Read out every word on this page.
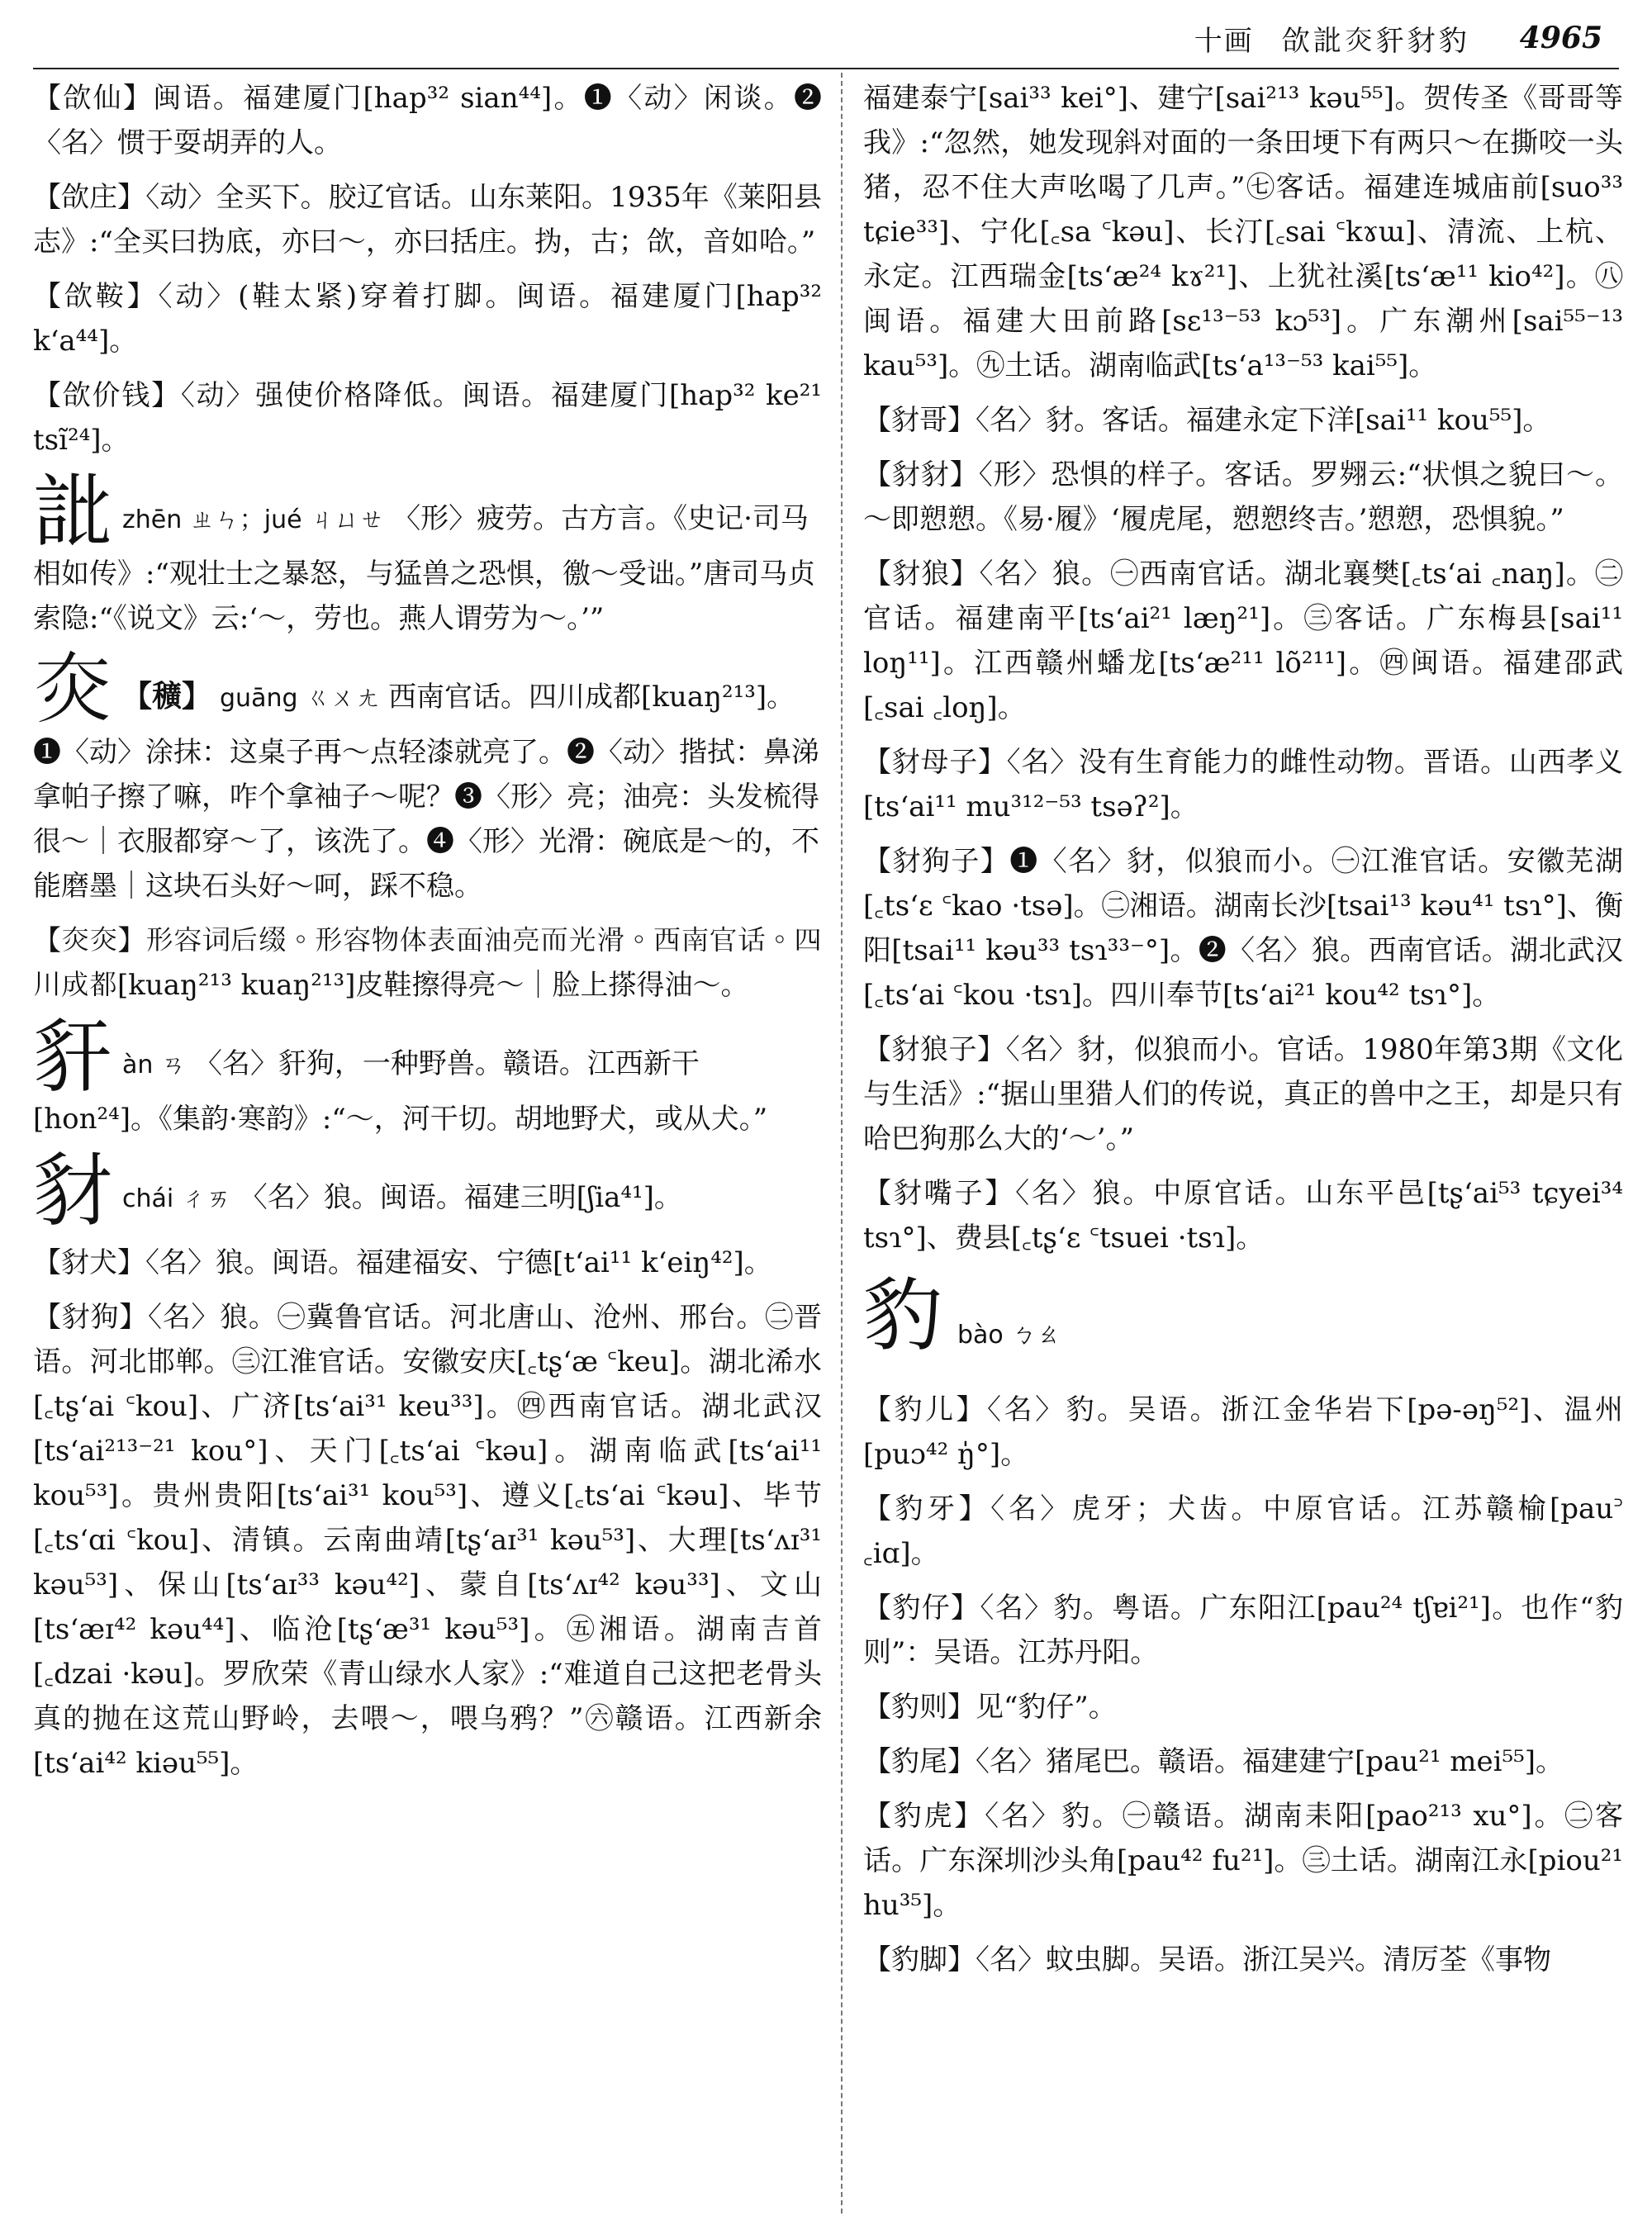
十画 欱䚹𤆍豻豺豹 4965

【欱仙】闽语。福建厦门[hap³² sian⁴⁴]。❶〈动〉闲谈。❷〈名〉惯于耍胡弄的人。

【欱庄】〈动〉全买下。胶辽官话。山东莱阳。1935年《莱阳县志》:“全买曰㧑底，亦曰～，亦曰括庄。㧑，古；欱，音如哈。”

【欱鞍】〈动〉(鞋太紧)穿着打脚。闽语。福建厦门[hap³² kʻa⁴⁴]。

【欱价钱】〈动〉强使价格降低。闽语。福建厦门[hap³² ke²¹ tsĩ²⁴]。

䚹zhēn ㄓㄣ；jué ㄐㄩㄝ 〈形〉疲劳。古方言。《史记·司马相如传》:“观壮士之暴怒，与猛兽之恐惧，徼～受诎。”唐司马贞索隐:“《说文》云:‘～，劳也。燕人谓劳为～。’”

𤆍 【穬】 guāng ㄍㄨㄤ 西南官话。四川成都[kuaŋ²¹³]。❶〈动〉涂抹：这桌子再～点轻漆就亮了。❷〈动〉揩拭：鼻涕拿帕子擦了嘛，咋个拿袖子～呢？❸〈形〉亮；油亮：头发梳得很～｜衣服都穿～了，该洗了。❹〈形〉光滑：碗底是～的，不能磨墨｜这块石头好～呵，踩不稳。

【𤆍𤆍】形容词后缀。形容物体表面油亮而光滑。西南官话。四川成都[kuaŋ²¹³ kuaŋ²¹³]皮鞋擦得亮～｜脸上搽得油～。

豻àn ㄢ 〈名〉豻狗，一种野兽。赣语。江西新干[hon²⁴]。《集韵·寒韵》:“～，河干切。胡地野犬，或从犬。”

豺chái ㄔㄞ 〈名〉狼。闽语。福建三明[ʃia⁴¹]。

【豺犬】〈名〉狼。闽语。福建福安、宁德[tʻai¹¹ kʻeiŋ⁴²]。

【豺狗】〈名〉狼。㊀冀鲁官话。河北唐山、沧州、邢台。㊁晋语。河北邯郸。㊂江淮官话。安徽安庆[꜀tʂʻæ ꜂keu]。湖北浠水[꜀tʂʻai ꜂kou]、广济[tsʻai³¹ keu³³]。㊃西南官话。湖北武汉[tsʻai²¹³⁻²¹ kou°]、天门[꜀tsʻai ꜂kəu]。湖南临武[tsʻai¹¹ kou⁵³]。贵州贵阳[tsʻai³¹ kou⁵³]、遵义[꜀tsʻai ꜂kəu]、毕节[꜀tsʻɑi ꜂kou]、清镇。云南曲靖[tʂʻaɪ³¹ kəu⁵³]、大理[tsʻʌɪ³¹ kəu⁵³]、保山[tsʻaɪ³³ kəu⁴²]、蒙自[tsʻʌɪ⁴² kəu³³]、文山[tsʻæɪ⁴² kəu⁴⁴]、临沧[tʂʻæ³¹ kəu⁵³]。㊄湘语。湖南吉首[꜀dzai ·kəu]。罗欣荣《青山绿水人家》:“难道自己这把老骨头真的抛在这荒山野岭，去喂～，喂乌鸦？”㊅赣语。江西新余[tsʻai⁴² kiəu⁵⁵]。

福建泰宁[sai³³ kei°]、建宁[sai²¹³ kəu⁵⁵]。贺传圣《哥哥等我》:“忽然，她发现斜对面的一条田埂下有两只～在撕咬一头猪，忍不住大声吆喝了几声。”㊆客话。福建连城庙前[suo³³ tɕie³³]、宁化[꜀sa ꜂kəu]、长汀[꜀sai ꜂kɤɯ]、清流、上杭、永定。江西瑞金[tsʻæ²⁴ kɤ²¹]、上犹社溪[tsʻæ¹¹ kio⁴²]。㊇闽语。福建大田前路[sɛ¹³⁻⁵³ kɔ⁵³]。广东潮州[sai⁵⁵⁻¹³ kau⁵³]。㊈土话。湖南临武[tsʻa¹³⁻⁵³ kai⁵⁵]。

【豺哥】〈名〉豺。客话。福建永定下洋[sai¹¹ kou⁵⁵]。

【豺豺】〈形〉恐惧的样子。客话。罗翙云:“状惧之貌曰～。～即愬愬。《易·履》‘履虎尾，愬愬终吉。’愬愬，恐惧貌。”

【豺狼】〈名〉狼。㊀西南官话。湖北襄樊[꜀tsʻai ꜀naŋ]。㊁官话。福建南平[tsʻai²¹ læŋ²¹]。㊂客话。广东梅县[sai¹¹ loŋ¹¹]。江西赣州蟠龙[tsʻæ²¹¹ lõ²¹¹]。㊃闽语。福建邵武[꜀sai ꜀loŋ]。

【豺母子】〈名〉没有生育能力的雌性动物。晋语。山西孝义[tsʻai¹¹ mu³¹²⁻⁵³ tsəʔ²]。

【豺狗子】❶〈名〉豺，似狼而小。㊀江淮官话。安徽芜湖[꜀tsʻɛ ꜂kao ·tsə]。㊁湘语。湖南长沙[tsai¹³ kəu⁴¹ tsɿ°]、衡阳[tsai¹¹ kəu³³ tsɿ³³⁻°]。❷〈名〉狼。西南官话。湖北武汉[꜀tsʻai ꜂kou ·tsɿ]。四川奉节[tsʻai²¹ kou⁴² tsɿ°]。

【豺狼子】〈名〉豺，似狼而小。官话。1980年第3期《文化与生活》:“据山里猎人们的传说，真正的兽中之王，却是只有哈巴狗那么大的‘～’。”

【豺嘴子】〈名〉狼。中原官话。山东平邑[tʂʻai⁵³ tɕyei³⁴ tsɿ°]、费县[꜀tʂʻɛ ꜂tsuei ·tsɿ]。

豹bào ㄅㄠ

【豹儿】〈名〉豹。吴语。浙江金华岩下[pə-əŋ⁵²]、温州[puɔ⁴² ŋ̍°]。

【豹牙】〈名〉虎牙；犬齿。中原官话。江苏赣榆[pau꜄ ꜀iɑ]。

【豹仔】〈名〉豹。粤语。广东阳江[pau²⁴ tʃɐi²¹]。也作“豹则”：吴语。江苏丹阳。

【豹则】见“豹仔”。

【豹尾】〈名〉猪尾巴。赣语。福建建宁[pau²¹ mei⁵⁵]。

【豹虎】〈名〉豹。㊀赣语。湖南耒阳[pao²¹³ xu°]。㊁客话。广东深圳沙头角[pau⁴² fu²¹]。㊂土话。湖南江永[piou²¹ hu³⁵]。

【豹脚】〈名〉蚊虫脚。吴语。浙江吴兴。清厉荃《事物
